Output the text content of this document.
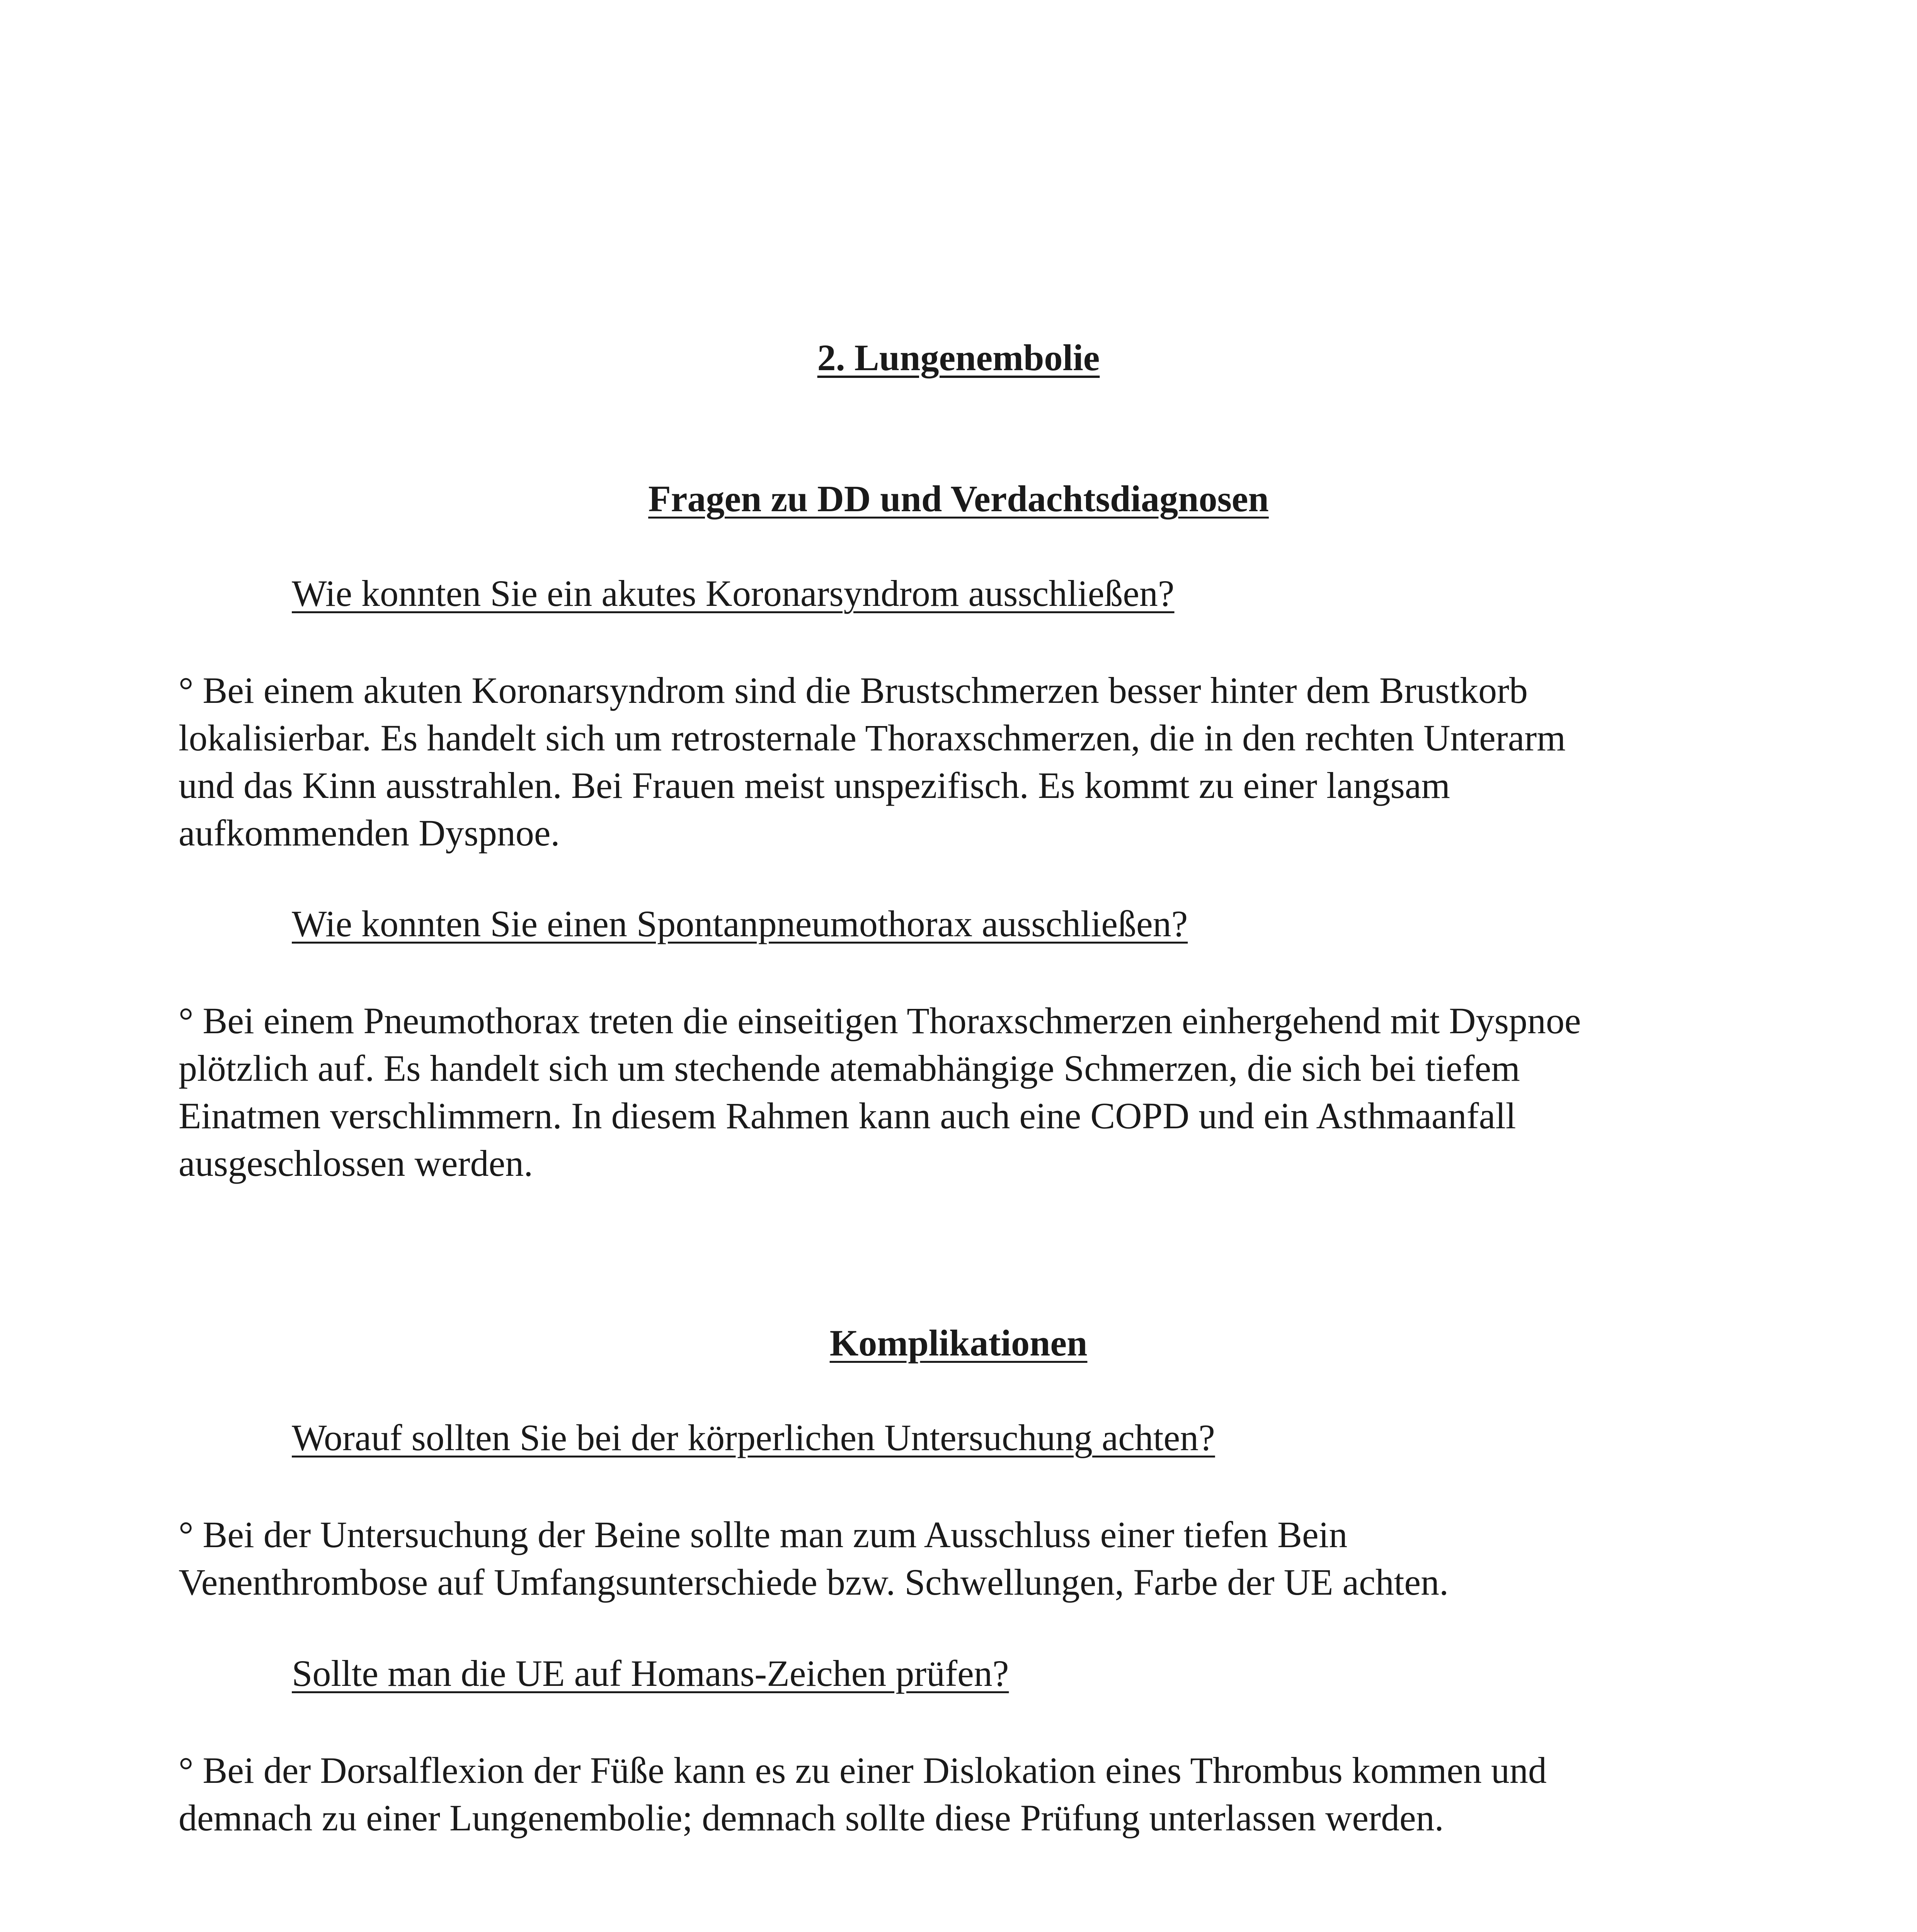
2. Lungenembolie
Fragen zu DD und Verdachtsdiagnosen

Wie konnten Sie ein akutes Koronarsyndrom ausschließen?

° Bei einem akuten Koronarsyndrom sind die Brustschmerzen besser hinter dem Brustkorb
lokalisierbar. Es handelt sich um retrosternale Thoraxschmerzen, die in den rechten Unterarm
und das Kinn ausstrahlen. Bei Frauen meist unspezifisch. Es kommt zu einer langsam
aufkommenden Dyspnoe.

Wie konnten Sie einen Spontanpneumothorax ausschließen?

° Bei einem Pneumothorax treten die einseitigen Thoraxschmerzen einhergehend mit Dyspnoe
plötzlich auf. Es handelt sich um stechende atemabhängige Schmerzen, die sich bei tiefem
Einatmen verschlimmern. In diesem Rahmen kann auch eine COPD und ein Asthmaanfall
ausgeschlossen werden.
Komplikationen

Worauf sollten Sie bei der körperlichen Untersuchung achten?

° Bei der Untersuchung der Beine sollte man zum Ausschluss einer tiefen Bein
Venenthrombose auf Umfangsunterschiede bzw. Schwellungen, Farbe der UE achten.

Sollte man die UE auf Homans-Zeichen prüfen?

° Bei der Dorsalflexion der Füße kann es zu einer Dislokation eines Thrombus kommen und
demnach zu einer Lungenembolie; demnach sollte diese Prüfung unterlassen werden.
